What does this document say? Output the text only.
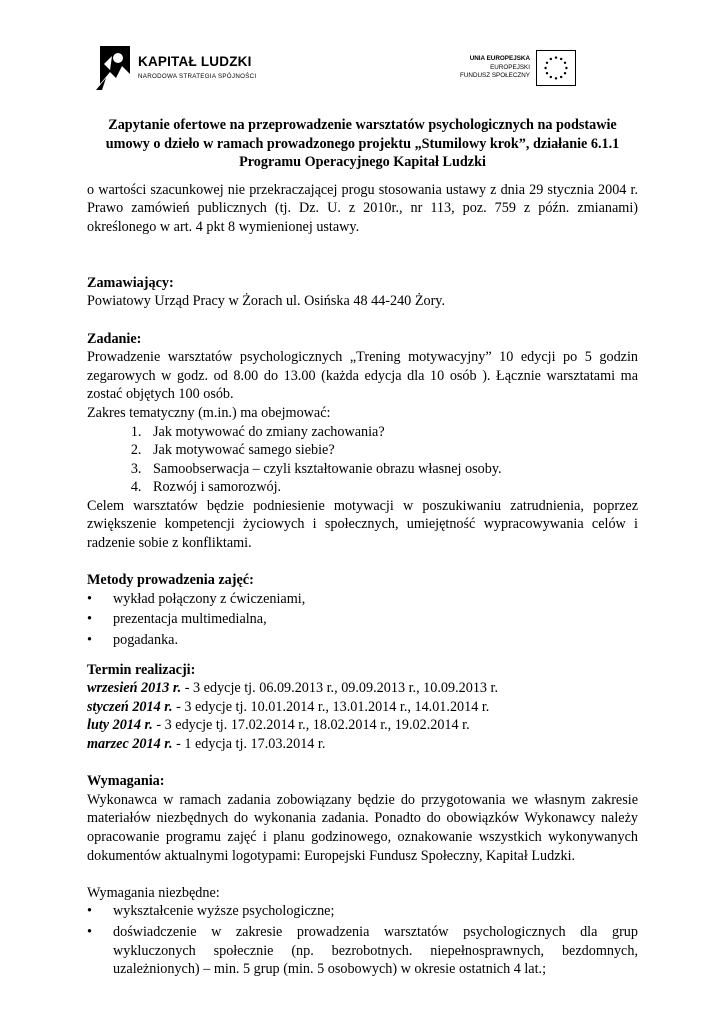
KAPITAŁ LUDZKI
NARODOWA STRATEGIA SPÓJNOŚCI
UNIA EUROPEJSKA
EUROPEJSKI
FUNDUSZ SPOŁECZNY

Zapytanie ofertowe na przeprowadzenie warsztatów psychologicznych na podstawie

umowy o dzieło w ramach prowadzonego projektu „Stumilowy krok”, działanie 6.1.1

Programu Operacyjnego Kapitał Ludzki

o wartości szacunkowej nie przekraczającej progu stosowania ustawy z dnia 29 stycznia 2004 r. Prawo zamówień publicznych (tj. Dz. U. z 2010r., nr 113, poz. 759 z późn. zmianami) określonego w art. 4 pkt 8 wymienionej ustawy.

Zamawiający:

Powiatowy Urząd Pracy w Żorach ul. Osińska 48 44-240 Żory.

Zadanie:

Prowadzenie warsztatów psychologicznych „Trening motywacyjny” 10 edycji po 5 godzin zegarowych w godz. od 8.00 do 13.00 (każda edycja dla 10 osób ). Łącznie warsztatami ma zostać objętych 100 osób.

Zakres tematyczny (m.in.) ma obejmować:

1. Jak motywować do zmiany zachowania?
2. Jak motywować samego siebie?
3. Samoobserwacja – czyli kształtowanie obrazu własnej osoby.
4. Rozwój i samorozwój.

Celem warsztatów będzie podniesienie motywacji w poszukiwaniu zatrudnienia, poprzez zwiększenie kompetencji życiowych i społecznych, umiejętność wypracowywania celów i radzenie sobie z konfliktami.

Metody prowadzenia zajęć:

• wykład połączony z ćwiczeniami,
• prezentacja multimedialna,
• pogadanka.

Termin realizacji:

wrzesień 2013 r. - 3 edycje tj. 06.09.2013 r., 09.09.2013 r., 10.09.2013 r.

styczeń 2014 r. - 3 edycje tj. 10.01.2014 r., 13.01.2014 r., 14.01.2014 r.

luty 2014 r. - 3 edycje tj. 17.02.2014 r., 18.02.2014 r., 19.02.2014 r.

marzec 2014 r. - 1 edycja tj. 17.03.2014 r.

Wymagania:

Wykonawca w ramach zadania zobowiązany będzie do przygotowania we własnym zakresie materiałów niezbędnych do wykonania zadania. Ponadto do obowiązków Wykonawcy należy opracowanie programu zajęć i planu godzinowego, oznakowanie wszystkich wykonywanych dokumentów aktualnymi logotypami: Europejski Fundusz Społeczny, Kapitał Ludzki.

Wymagania niezbędne:

• wykształcenie wyższe psychologiczne;
• doświadczenie w zakresie prowadzenia warsztatów psychologicznych dla grup wykluczonych społecznie (np. bezrobotnych. niepełnosprawnych, bezdomnych, uzależnionych) – min. 5 grup (min. 5 osobowych) w okresie ostatnich 4 lat.;
